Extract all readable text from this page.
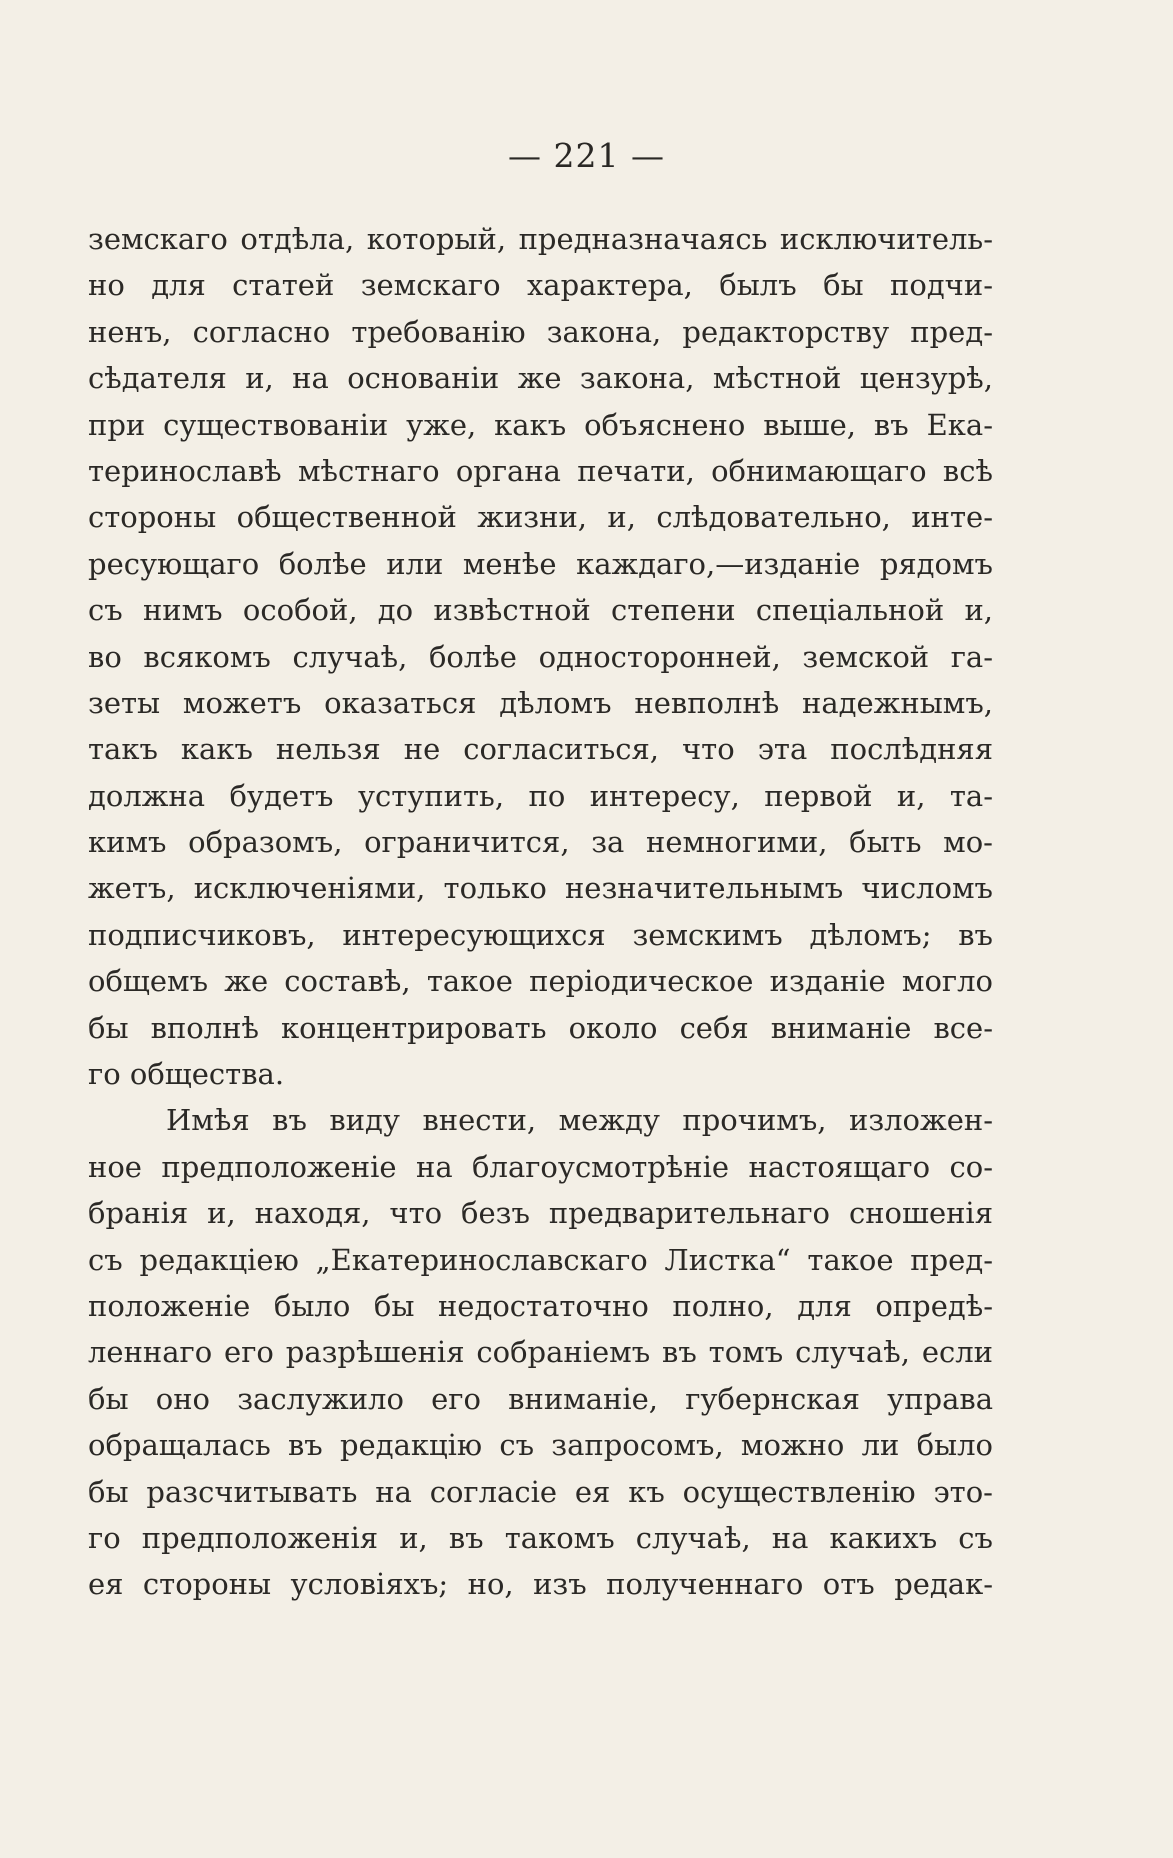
— 221 —
земскаго отдѣла, который, предназначаясь исключитель-
но для статей земскаго характера, былъ бы подчи-
ненъ, согласно требованію закона, редакторству пред-
сѣдателя и, на основаніи же закона, мѣстной цензурѣ,
при существованіи уже, какъ объяснено выше, въ Ека-
теринославѣ мѣстнаго органа печати, обнимающаго всѣ
стороны общественной жизни, и, слѣдовательно, инте-
ресующаго болѣе или менѣе каждаго,—изданіе рядомъ
съ нимъ особой, до извѣстной степени спеціальной и,
во всякомъ случаѣ, болѣе односторонней, земской га-
зеты можетъ оказаться дѣломъ невполнѣ надежнымъ,
такъ какъ нельзя не согласиться, что эта послѣдняя
должна будетъ уступить, по интересу, первой и, та-
кимъ образомъ, ограничится, за немногими, быть мо-
жетъ, исключеніями, только незначительнымъ числомъ
подписчиковъ, интересующихся земскимъ дѣломъ; въ
общемъ же составѣ, такое періодическое изданіе могло
бы вполнѣ концентрировать около себя вниманіе все-
го общества.
Имѣя въ виду внести, между прочимъ, изложен-
ное предположеніе на благоусмотрѣніе настоящаго со-
бранія и, находя, что безъ предварительнаго сношенія
съ редакціею „Екатеринославскаго Листка“ такое пред-
положеніе было бы недостаточно полно, для опредѣ-
леннаго его разрѣшенія собраніемъ въ томъ случаѣ, если
бы оно заслужило его вниманіе, губернская управа
обращалась въ редакцію съ запросомъ, можно ли было
бы разсчитывать на согласіе ея къ осуществленію это-
го предположенія и, въ такомъ случаѣ, на какихъ съ
ея стороны условіяхъ; но, изъ полученнаго отъ редак-
